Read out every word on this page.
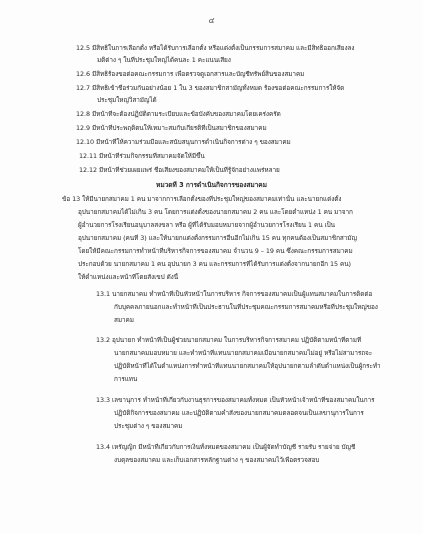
๔
12.5 มีสิทธิในการเลือกตั้ง หรือได้รับการเลือกตั้ง หรือแต่งตั้งเป็นกรรมการสมาคม และมีสิทธิออกเสียงลง
มติต่าง ๆ ในที่ประชุมใหญ่ได้คนละ 1 คะแนนเสียง
12.6 มีสิทธิร้องขอต่อคณะกรรมการ เพื่อตรวจดูเอกสารและบัญชีทรัพย์สินของสมาคม
12.7 มีสิทธิเข้าชื่อร่วมกันอย่างน้อย 1 ใน 3 ของสมาชิกสามัญทั้งหมด ร้องขอต่อคณะกรรมการให้จัด
ประชุมใหญ่วิสามัญได้
12.8 มีหน้าที่จะต้องปฏิบัติตามระเบียบและข้อบังคับของสมาคมโดยเคร่งครัด
12.9 มีหน้าที่ประพฤติตนให้เหมาะสมกับเกียรติที่เป็นสมาชิกของสมาคม
12.10 มีหน้าที่ให้ความร่วมมือและสนับสนุนการดำเนินกิจการต่าง ๆ ของสมาคม
12.11 มีหน้าที่ร่วมกิจกรรมที่สมาคมจัดให้มีขึ้น
12.12 มีหน้าที่ช่วยเผยแพร่ ชื่อเสียงของสมาคมให้เป็นที่รู้จักอย่างแพร่หลาย
หมวดที่ 3 การดำเนินกิจการของสมาคม
ข้อ 13 ให้มีนายกสมาคม 1 คน มาจากการเลือกตั้งของที่ประชุมใหญ่ของสมาคมเท่านั้น และนายกแต่งตั้ง
อุปนายกสมาคมได้ไม่เกิน 3 คน โดยการแต่งตั้งของนายกสมาคม 2 คน และโดยตำแหน่ง 1 คน มาจาก
ผู้อำนวยการโรงเรียนอนุบาลสงขลา หรือ ผู้ที่ได้รับมอบหมายจากผู้อำนวยการโรงเรียน 1 คน เป็น
อุปนายกสมาคม (คนที่ 3) และให้นายกแต่งตั้งกรรมการอื่นอีกไม่เกิน 15 คน ทุกคนต้องเป็นสมาชิกสามัญ
โดยให้มีคณะกรรมการทำหน้าที่บริหารกิจการของสมาคม จำนวน 9 – 19 คน ซึ่งคณะกรรมการสมาคม
ประกอบด้วย นายกสมาคม 1 คน อุปนายก 3 คน และกรรมการที่ได้รับการแต่งตั้งจากนายกอีก 15 คน)
ให้ดำแหน่งและหน้าที่โดยสังเขป ดังนี้
13.1 นายกสมาคม ทำหน้าที่เป็นหัวหน้าในการบริหาร กิจการของสมาคมเป็นผู้แทนสมาคมในการติดต่อ
กับบุคคลภายนอกและทำหน้าที่เป็นประธานในที่ประชุมคณะกรรมการสมาคมหรือที่ประชุมใหญ่ของ
สมาคม
13.2 อุปนายก ทำหน้าที่เป็นผู้ช่วยนายกสมาคม ในการบริหารกิจการสมาคม ปฏิบัติตามหน้าที่ตามที่
นายกสมาคมมอบหมาย และทำหน้าที่แทนนายกสมาคมเมื่อนายกสมาคมไม่อยู่ หรือไม่สามารถจะ
ปฏิบัติหน้าที่ได้ในตำแหน่งการทำหน้าที่แทนนายกสมาคมให้อุปนายกตามลำดับตำแหน่งเป็นผู้กระทำ
การแทน
13.3 เลขานุการ ทำหน้าที่เกี่ยวกับงานธุรการของสมาคมทั้งหมด เป็นหัวหน้าเจ้าหน้าที่ของสมาคมในการ
ปฏิบัติกิจการของสมาคม และปฏิบัติตามคำสั่งของนายกสมาคมตลอดจนเป็นเลขานุการในการ
ประชุมต่าง ๆ ของสมาคม
13.4 เหรัญญิก มีหน้าที่เกี่ยวกับการเงินทั้งหมดของสมาคม เป็นผู้จัดทำบัญชี รายรับ รายจ่าย บัญชี
งบดุลของสมาคม และเก็บเอกสารหลักฐานต่าง ๆ ของสมาคมไว้เพื่อตรวจสอบ
